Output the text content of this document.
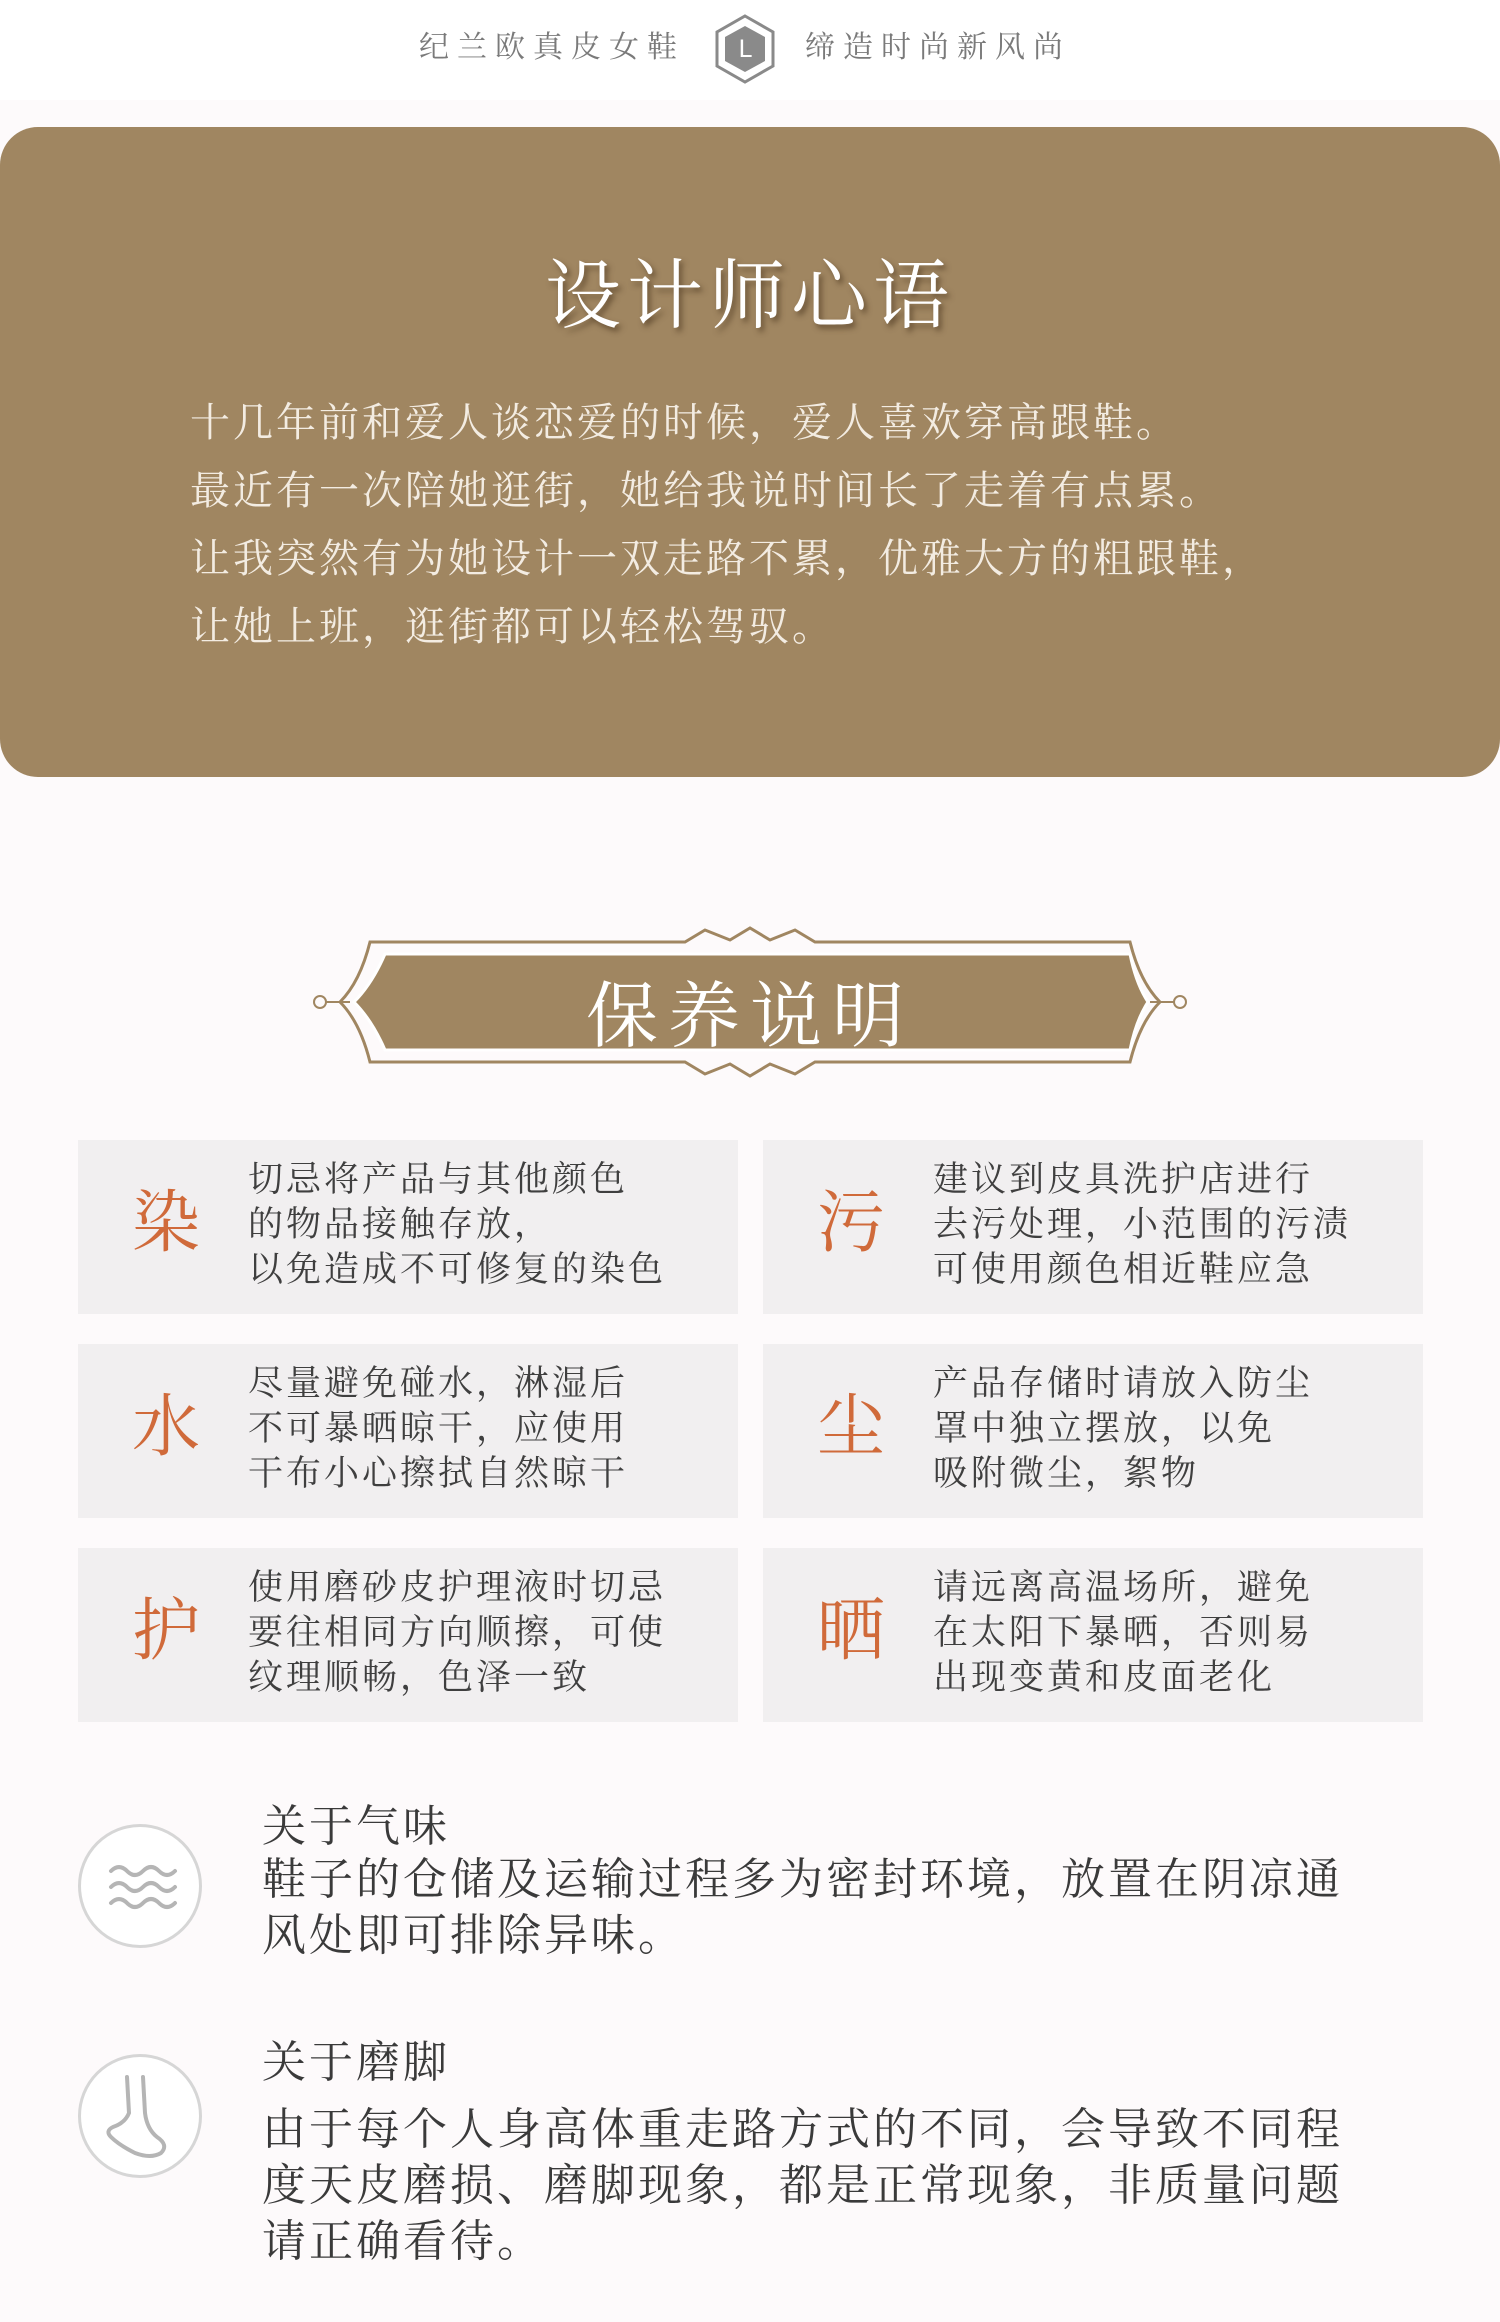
纪兰欧真皮女鞋 L 缔造时尚新风尚
设计师心语
十几年前和爱人谈恋爱的时候，爱人喜欢穿高跟鞋。
最近有一次陪她逛街，她给我说时间长了走着有点累。
让我突然有为她设计一双走路不累，优雅大方的粗跟鞋，
让她上班，逛街都可以轻松驾驭。
保养说明
染
切忌将产品与其他颜色
的物品接触存放，
以免造成不可修复的染色
污
建议到皮具洗护店进行
去污处理，小范围的污渍
可使用颜色相近鞋应急
水
尽量避免碰水，淋湿后
不可暴晒晾干，应使用
干布小心擦拭自然晾干
尘
产品存储时请放入防尘
罩中独立摆放，以免
吸附微尘，絮物
护
使用磨砂皮护理液时切忌
要往相同方向顺擦，可使
纹理顺畅，色泽一致
晒
请远离高温场所，避免
在太阳下暴晒，否则易
出现变黄和皮面老化
关于气味
鞋子的仓储及运输过程多为密封环境，放置在阴凉通
风处即可排除异味。
关于磨脚
由于每个人身高体重走路方式的不同，会导致不同程
度天皮磨损、磨脚现象，都是正常现象，非质量问题
请正确看待。
